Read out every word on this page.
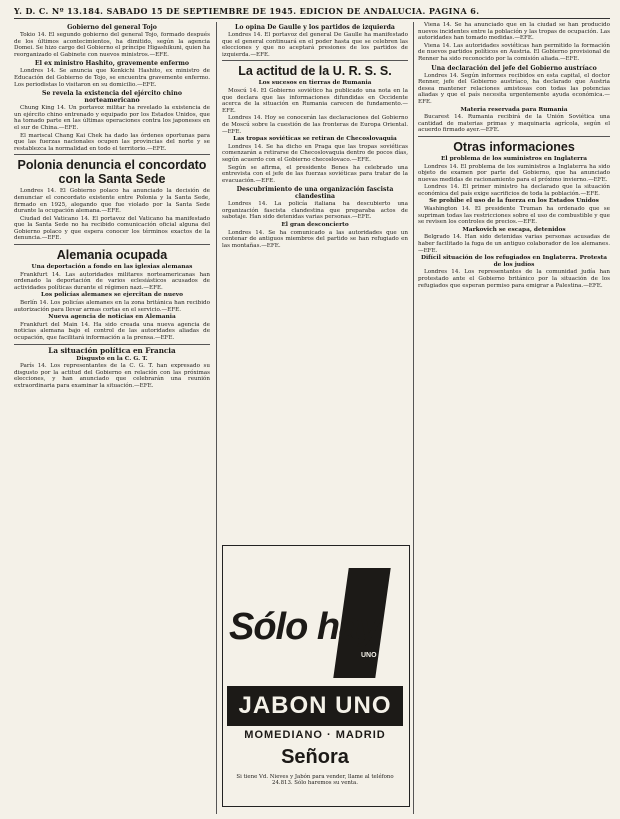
Y. D. C. Nº 13.184. SABADO 15 DE SEPTIEMBRE DE 1945. EDICION DE ANDALUCIA. PAGINA 6.
Gobierno del general Tojo

Tokio 14. El segundo gobierno del general Tojo, formado después de los últimos acontecimientos, ha dimitido, según la agencia Domei. Se hizo cargo del Gobierno el príncipe Higashikuni, quien ha reorganizado el Gabinete con nuevos ministros.—EFE.

El ex ministro Hashito, gravemente enfermo

Londres 14. Se anuncia que Kenkichi Hashito, ex ministro de Educación del Gobierno de Tojo, se encuentra gravemente enfermo. Los periodistas lo visitaron en su domicilio.—EFE.

Se revela la existencia del ejército chino norteamericano

Chung King 14. Un portavoz militar ha revelado la existencia de un ejército chino entrenado y equipado por los Estados Unidos, que ha tomado parte en las últimas operaciones contra los japoneses en el sur de China.—EFE.

El mariscal Chang Kai Chek ha dado las órdenes oportunas para que las fuerzas nacionales ocupen las provincias del norte y se restablezca la normalidad en todo el territorio.—EFE.

Polonia denuncia el concordato con la Santa Sede

Londres 14. El Gobierno polaco ha anunciado la decisión de denunciar el concordato existente entre Polonia y la Santa Sede, firmado en 1925, alegando que fue violado por la Santa Sede durante la ocupación alemana.—EFE.

Ciudad del Vaticano 14. El portavoz del Vaticano ha manifestado que la Santa Sede no ha recibido comunicación oficial alguna del Gobierno polaco y que espera conocer los términos exactos de la denuncia.—EFE.

Alemania ocupada
Una deportación a fondo en las iglesias alemanas

Frankfurt 14. Las autoridades militares norteamericanas han ordenado la deportación de varios eclesiásticos acusados de actividades políticas durante el régimen nazi.—EFE.

Los policías alemanes se ejercitan de nuevo

Berlín 14. Los policías alemanes en la zona británica han recibido autorización para llevar armas cortas en el servicio.—EFE.

Nueva agencia de noticias en Alemania

Frankfurt del Main 14. Ha sido creada una nueva agencia de noticias alemana bajo el control de las autoridades aliadas de ocupación, que facilitará información a la prensa.—EFE.

La situación política en Francia
Disgusto en la C. G. T.

París 14. Los representantes de la C. G. T. han expresado su disgusto por la actitud del Gobierno en relación con las próximas elecciones, y han anunciado que celebrarán una reunión extraordinaria para examinar la situación.—EFE.

Lo opina De Gaulle y los partidos de izquierda

Londres 14. El portavoz del general De Gaulle ha manifestado que el general continuará en el poder hasta que se celebren las elecciones y que no aceptará presiones de los partidos de izquierda.—EFE.

La actitud de la U. R. S. S.
Los sucesos en tierras de Rumania

Moscú 14. El Gobierno soviético ha publicado una nota en la que declara que las informaciones difundidas en Occidente acerca de la situación en Rumania carecen de fundamento.—EFE.

Londres 14. Hoy se conocerán las declaraciones del Gobierno de Moscú sobre la cuestión de las fronteras de Europa Oriental.—EFE.

Las tropas soviéticas se retiran de Checoslovaquia

Londres 14. Se ha dicho en Praga que las tropas soviéticas comenzarán a retirarse de Checoslovaquia dentro de pocos días, según acuerdo con el Gobierno checoslovaco.—EFE.

Según se afirma, el presidente Benes ha celebrado una entrevista con el jefe de las fuerzas soviéticas para tratar de la evacuación.—EFE.

Descubrimiento de una organización fascista clandestina

Londres 14. La policía italiana ha descubierto una organización fascista clandestina que preparaba actos de sabotaje. Han sido detenidas varias personas.—EFE.

El gran desconcierto

Londres 14. Se ha comunicado a las autoridades que un centenar de antiguos miembros del partido se han refugiado en las montañas.—EFE.

Viena 14. Se ha anunciado que en la ciudad se han producido nuevos incidentes entre la población y las tropas de ocupación. Las autoridades han tomado medidas.—EFE.

Viena 14. Las autoridades soviéticas han permitido la formación de nuevos partidos políticos en Austria. El Gobierno provisional de Renner ha sido reconocido por la comisión aliada.—EFE.

Una declaración del jefe del Gobierno austríaco

Londres 14. Según informes recibidos en esta capital, el doctor Renner, jefe del Gobierno austríaco, ha declarado que Austria desea mantener relaciones amistosas con todas las potencias aliadas y que el país necesita urgentemente ayuda económica.—EFE.

Materia reservada para Rumania

Bucarest 14. Rumania recibirá de la Unión Soviética una cantidad de materias primas y maquinaria agrícola, según el acuerdo firmado ayer.—EFE.

Otras informaciones
El problema de los suministros en Inglaterra

Londres 14. El problema de los suministros a Inglaterra ha sido objeto de examen por parte del Gobierno, que ha anunciado nuevas medidas de racionamiento para el próximo invierno.—EFE.

Londres 14. El primer ministro ha declarado que la situación económica del país exige sacrificios de toda la población.—EFE.

Se prohibe el uso de la fuerza en los Estados Unidos

Washington 14. El presidente Truman ha ordenado que se supriman todas las restricciones sobre el uso de combustible y que se revisen los controles de precios.—EFE.

Markovich se escapa, detenidos

Belgrado 14. Han sido detenidas varias personas acusadas de haber facilitado la fuga de un antiguo colaborador de los alemanes.—EFE.

Difícil situación de los refugiados en Inglaterra. Protesta de los judíos

Londres 14. Los representantes de la comunidad judía han protestado ante el Gobierno británico por la situación de los refugiados que esperan permiso para emigrar a Palestina.—EFE.

UNO
Sólo hay
JABON UNO
MOMEDIANO · MADRID
Señora
Si tiene Vd. Nieves y Jabón para vender, llame al teléfono 24.813. Sólo haremos su venta.
